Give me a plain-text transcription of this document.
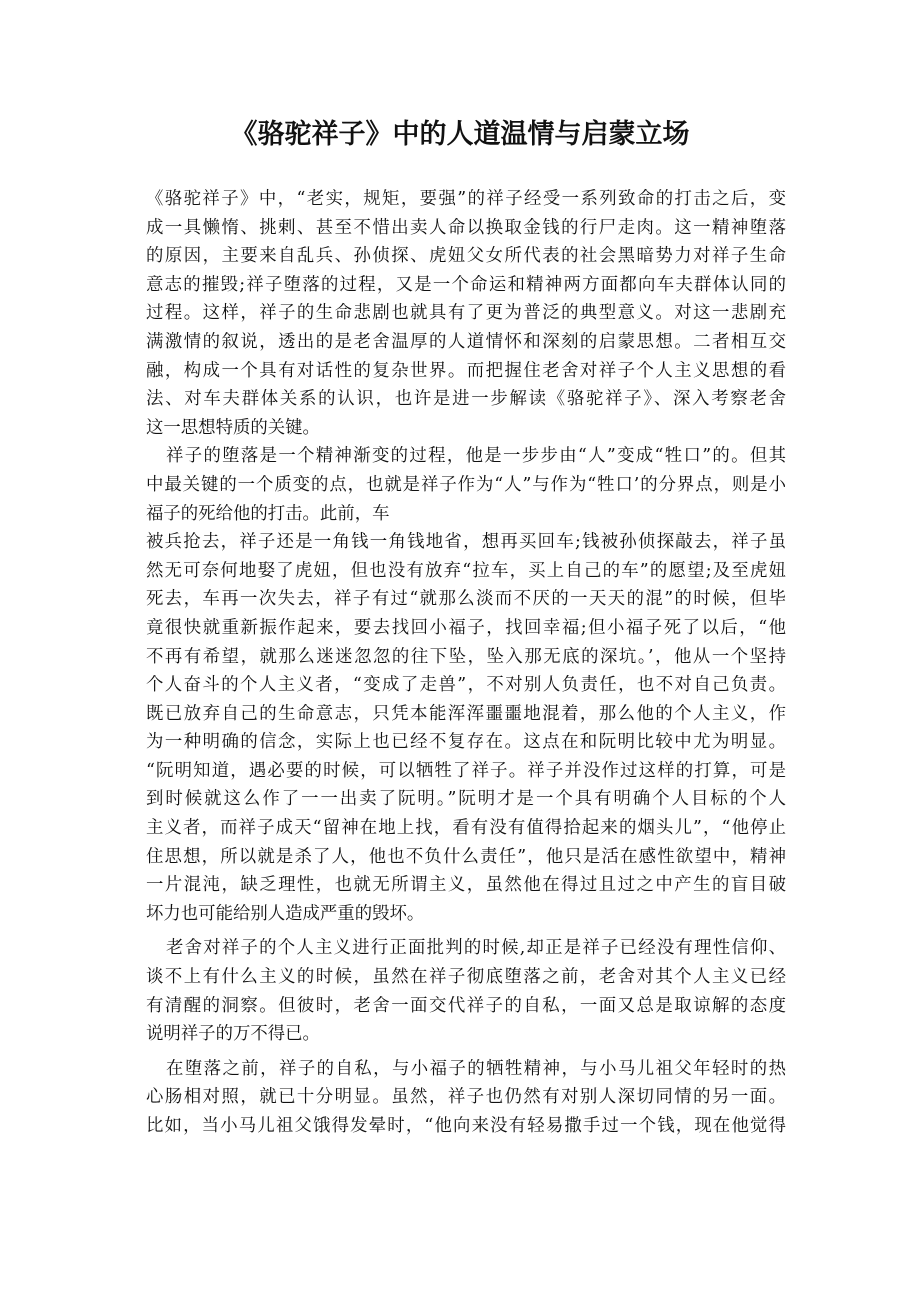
《骆驼祥子》中的人道温情与启蒙立场
《骆驼祥子》中，“老实，规矩，要强”的祥子经受一系列致命的打击之后，变
成一具懒惰、挑剌、甚至不惜出卖人命以换取金钱的行尸走肉。这一精神堕落
的原因，主要来自乱兵、孙侦探、虎妞父女所代表的社会黑暗势力对祥子生命
意志的摧毁;祥子堕落的过程，又是一个命运和精神两方面都向车夫群体认同的
过程。这样，祥子的生命悲剧也就具有了更为普泛的典型意义。对这一悲剧充
满激情的叙说，透出的是老舍温厚的人道情怀和深刻的启蒙思想。二者相互交
融，构成一个具有对话性的复杂世界。而把握住老舍对祥子个人主义思想的看
法、对车夫群体关系的认识，也许是进一步解读《骆驼祥子》、深入考察老舍
这一思想特质的关键。
祥子的堕落是一个精神渐变的过程，他是一步步由“人”变成“牲口”的。但其
中最关键的一个质变的点，也就是祥子作为“人”与作为“牲口’的分界点，则是小
福子的死给他的打击。此前，车
被兵抢去，祥子还是一角钱一角钱地省，想再买回车;钱被孙侦探敲去，祥子虽
然无可奈何地娶了虎妞，但也没有放弃“拉车，买上自己的车”的愿望;及至虎妞
死去，车再一次失去，祥子有过“就那么淡而不厌的一天天的混”的时候，但毕
竟很快就重新振作起来，要去找回小福子，找回幸福;但小福子死了以后，“他
不再有希望，就那么迷迷忽忽的往下坠，坠入那无底的深坑。’，他从一个坚持
个人奋斗的个人主义者，“变成了走兽”，不对别人负责任，也不对自己负责。
既已放弃自己的生命意志，只凭本能浑浑噩噩地混着，那么他的个人主义，作
为一种明确的信念，实际上也已经不复存在。这点在和阮明比较中尤为明显。
“阮明知道，遇必要的时候，可以牺牲了祥子。祥子并没作过这样的打算，可是
到时候就这么作了一一出卖了阮明。”阮明才是一个具有明确个人目标的个人
主义者，而祥子成天“留神在地上找，看有没有值得拾起来的烟头儿”，“他停止
住思想，所以就是杀了人，他也不负什么责任”，他只是活在感性欲望中，精神
一片混沌，缺乏理性，也就无所谓主义，虽然他在得过且过之中产生的盲目破
坏力也可能给别人造成严重的毁坏。
老舍对祥子的个人主义进行正面批判的时候,却正是祥子已经没有理性信仰、
谈不上有什么主义的时候，虽然在祥子彻底堕落之前，老舍对其个人主义已经
有清醒的洞察。但彼时，老舍一面交代祥子的自私，一面又总是取谅解的态度
说明祥子的万不得已。
在堕落之前，祥子的自私，与小福子的牺牲精神，与小马儿祖父年轻时的热
心肠相对照，就已十分明显。虽然，祥子也仍然有对别人深切同情的另一面。
比如，当小马儿祖父饿得发晕时，“他向来没有轻易撒手过一个钱，现在他觉得
